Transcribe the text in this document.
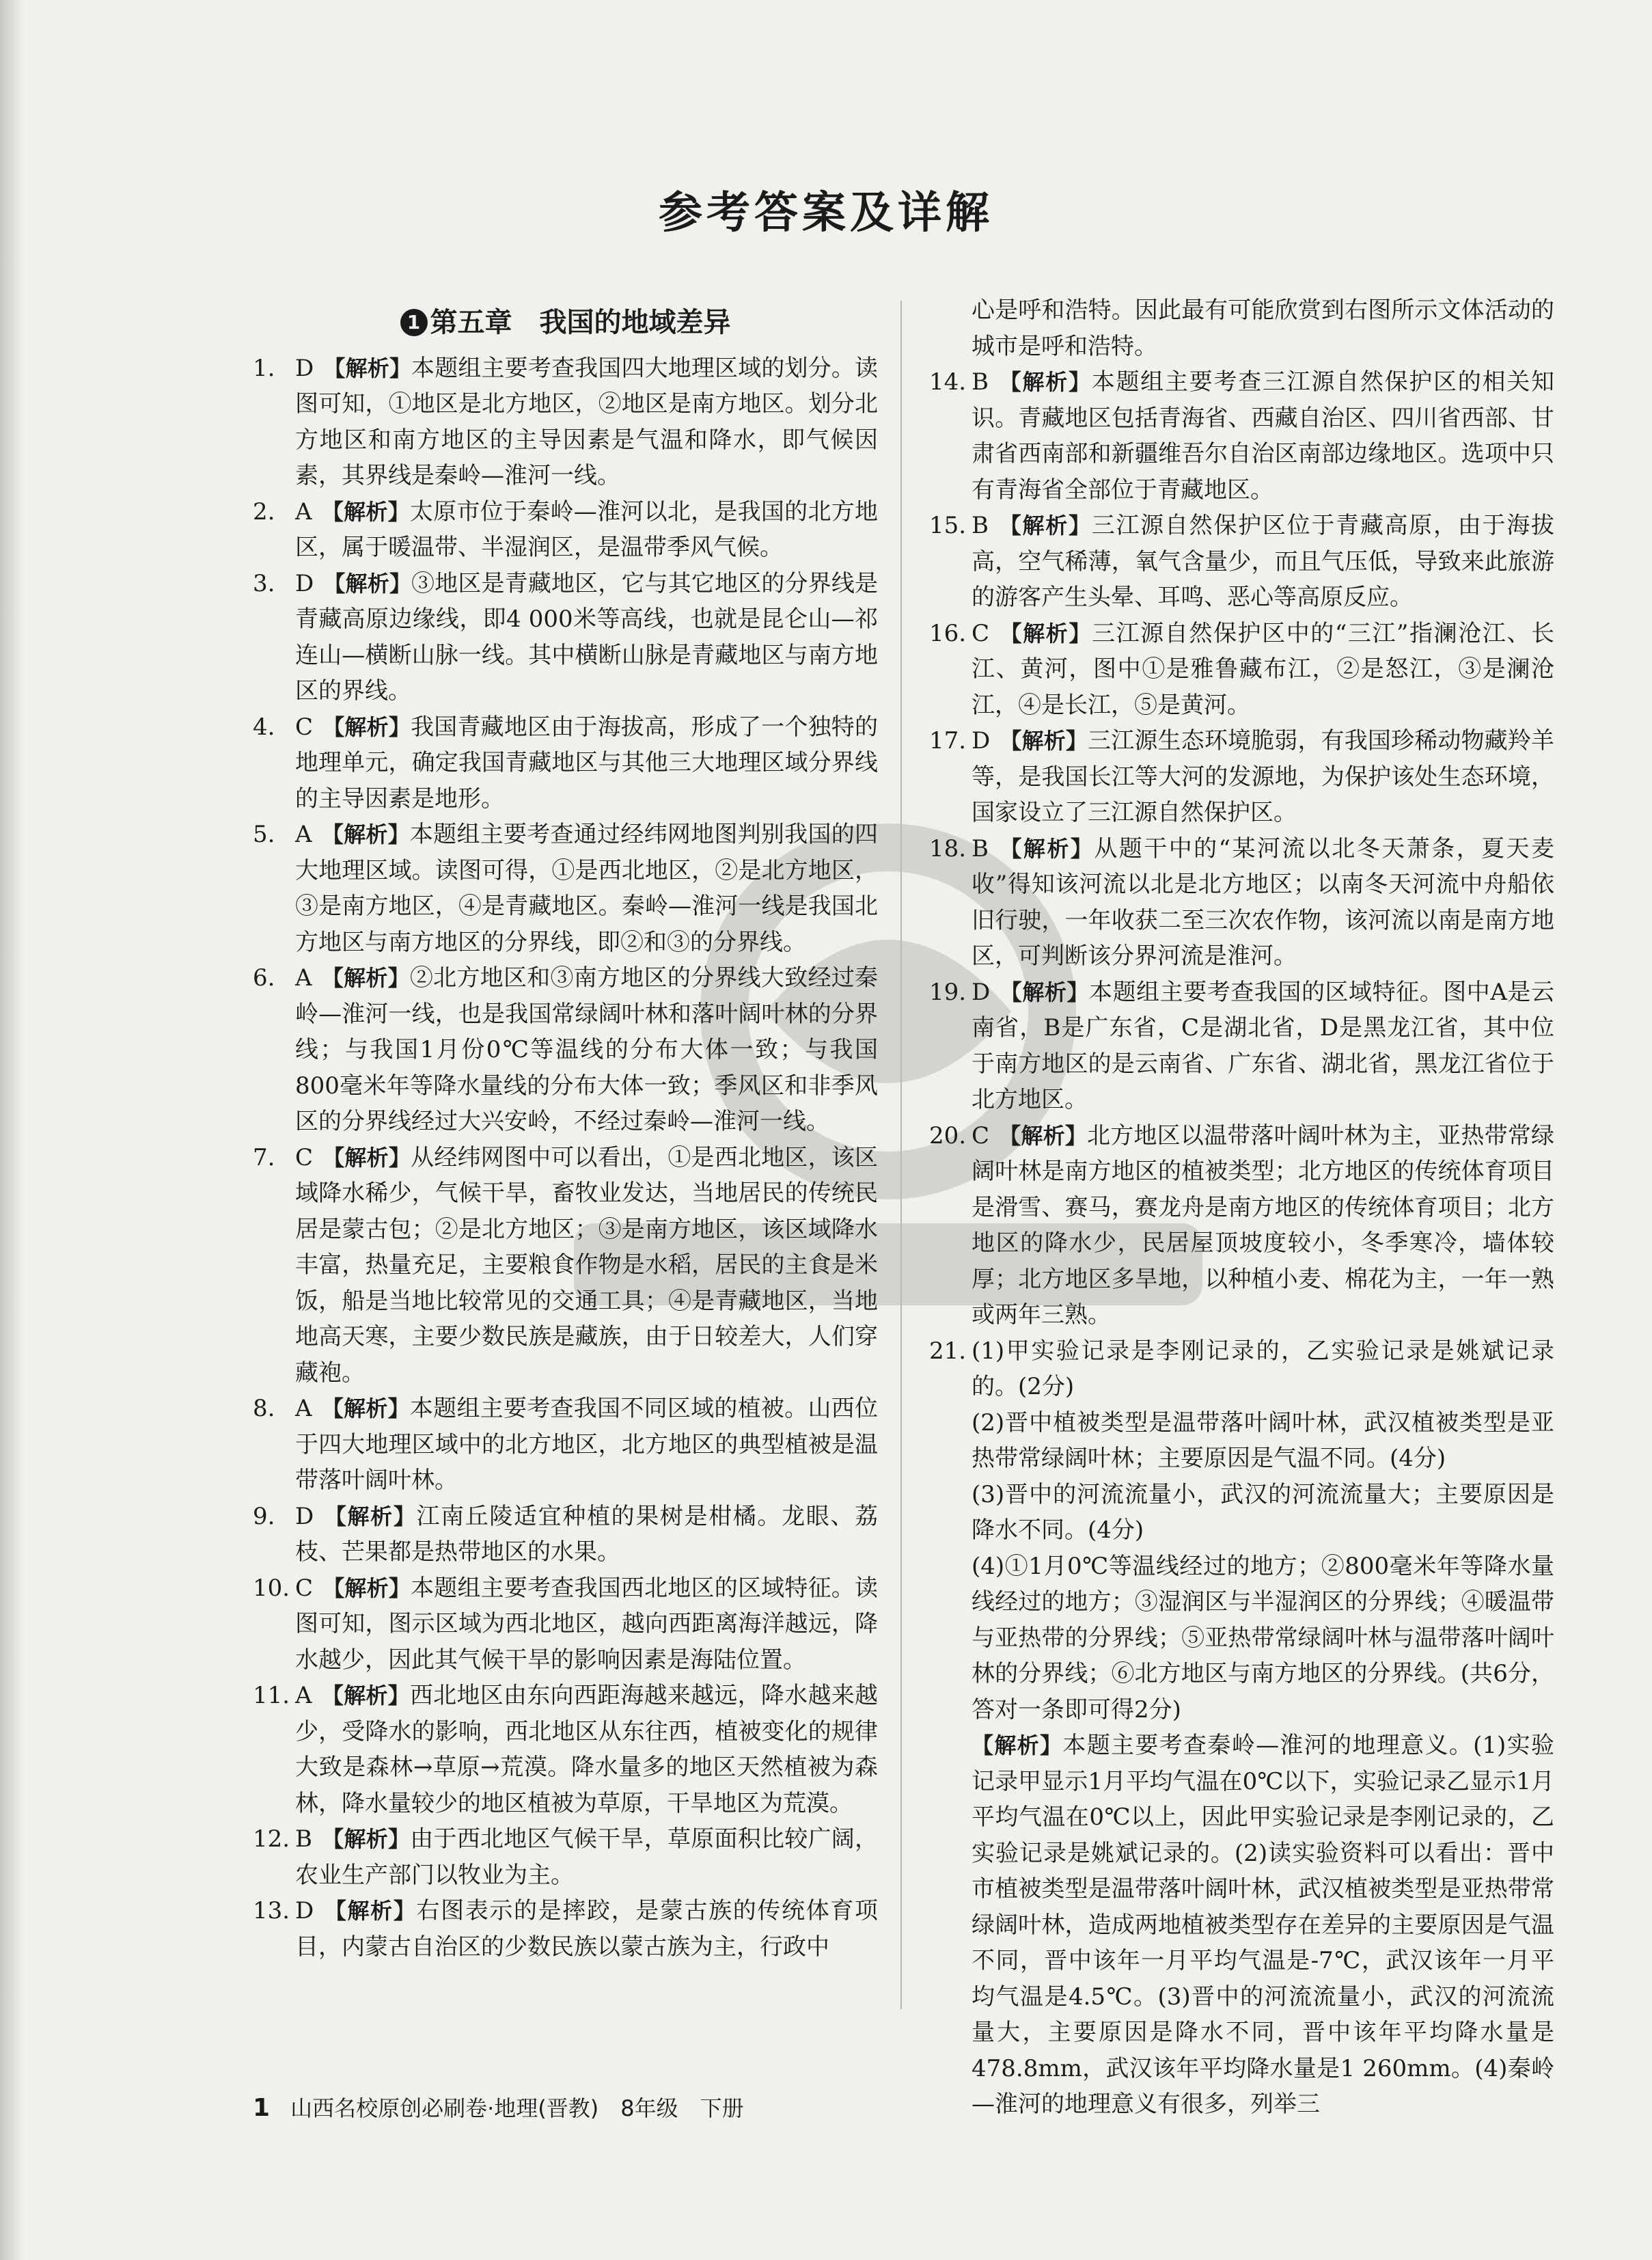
参考答案及详解
1 第五章　我国的地域差异

1. D 【解析】本题组主要考查我国四大地理区域的划分。读图可知，①地区是北方地区，②地区是南方地区。划分北方地区和南方地区的主导因素是气温和降水，即气候因素，其界线是秦岭—淮河一线。

2. A 【解析】太原市位于秦岭—淮河以北，是我国的北方地区，属于暖温带、半湿润区，是温带季风气候。

3. D 【解析】③地区是青藏地区，它与其它地区的分界线是青藏高原边缘线，即4 000米等高线，也就是昆仑山—祁连山—横断山脉一线。其中横断山脉是青藏地区与南方地区的界线。

4. C 【解析】我国青藏地区由于海拔高，形成了一个独特的地理单元，确定我国青藏地区与其他三大地理区域分界线的主导因素是地形。

5. A 【解析】本题组主要考查通过经纬网地图判别我国的四大地理区域。读图可得，①是西北地区，②是北方地区，③是南方地区，④是青藏地区。秦岭—淮河一线是我国北方地区与南方地区的分界线，即②和③的分界线。

6. A 【解析】②北方地区和③南方地区的分界线大致经过秦岭—淮河一线，也是我国常绿阔叶林和落叶阔叶林的分界线；与我国1月份0℃等温线的分布大体一致；与我国800毫米年等降水量线的分布大体一致；季风区和非季风区的分界线经过大兴安岭，不经过秦岭—淮河一线。

7. C 【解析】从经纬网图中可以看出，①是西北地区，该区域降水稀少，气候干旱，畜牧业发达，当地居民的传统民居是蒙古包；②是北方地区；③是南方地区，该区域降水丰富，热量充足，主要粮食作物是水稻，居民的主食是米饭，船是当地比较常见的交通工具；④是青藏地区，当地地高天寒，主要少数民族是藏族，由于日较差大，人们穿藏袍。

8. A 【解析】本题组主要考查我国不同区域的植被。山西位于四大地理区域中的北方地区，北方地区的典型植被是温带落叶阔叶林。

9. D 【解析】江南丘陵适宜种植的果树是柑橘。龙眼、荔枝、芒果都是热带地区的水果。

10. C 【解析】本题组主要考查我国西北地区的区域特征。读图可知，图示区域为西北地区，越向西距离海洋越远，降水越少，因此其气候干旱的影响因素是海陆位置。

11. A 【解析】西北地区由东向西距海越来越远，降水越来越少，受降水的影响，西北地区从东往西，植被变化的规律大致是森林→草原→荒漠。降水量多的地区天然植被为森林，降水量较少的地区植被为草原，干旱地区为荒漠。

12. B 【解析】由于西北地区气候干旱，草原面积比较广阔，农业生产部门以牧业为主。

13. D 【解析】右图表示的是摔跤，是蒙古族的传统体育项目，内蒙古自治区的少数民族以蒙古族为主，行政中

心是呼和浩特。因此最有可能欣赏到右图所示文体活动的城市是呼和浩特。

14. B 【解析】本题组主要考查三江源自然保护区的相关知识。青藏地区包括青海省、西藏自治区、四川省西部、甘肃省西南部和新疆维吾尔自治区南部边缘地区。选项中只有青海省全部位于青藏地区。

15. B 【解析】三江源自然保护区位于青藏高原，由于海拔高，空气稀薄，氧气含量少，而且气压低，导致来此旅游的游客产生头晕、耳鸣、恶心等高原反应。

16. C 【解析】三江源自然保护区中的“三江”指澜沧江、长江、黄河，图中①是雅鲁藏布江，②是怒江，③是澜沧江，④是长江，⑤是黄河。

17. D 【解析】三江源生态环境脆弱，有我国珍稀动物藏羚羊等，是我国长江等大河的发源地，为保护该处生态环境，国家设立了三江源自然保护区。

18. B 【解析】从题干中的“某河流以北冬天萧条，夏天麦收”得知该河流以北是北方地区；以南冬天河流中舟船依旧行驶，一年收获二至三次农作物，该河流以南是南方地区，可判断该分界河流是淮河。

19. D 【解析】本题组主要考查我国的区域特征。图中A是云南省，B是广东省，C是湖北省，D是黑龙江省，其中位于南方地区的是云南省、广东省、湖北省，黑龙江省位于北方地区。

20. C 【解析】北方地区以温带落叶阔叶林为主，亚热带常绿阔叶林是南方地区的植被类型；北方地区的传统体育项目是滑雪、赛马，赛龙舟是南方地区的传统体育项目；北方地区的降水少，民居屋顶坡度较小，冬季寒冷，墙体较厚；北方地区多旱地，以种植小麦、棉花为主，一年一熟或两年三熟。

21. (1)甲实验记录是李刚记录的，乙实验记录是姚斌记录的。(2分)

(2)晋中植被类型是温带落叶阔叶林，武汉植被类型是亚热带常绿阔叶林；主要原因是气温不同。(4分)

(3)晋中的河流流量小，武汉的河流流量大；主要原因是降水不同。(4分)

(4)①1月0℃等温线经过的地方；②800毫米年等降水量线经过的地方；③湿润区与半湿润区的分界线；④暖温带与亚热带的分界线；⑤亚热带常绿阔叶林与温带落叶阔叶林的分界线；⑥北方地区与南方地区的分界线。(共6分，答对一条即可得2分)

【解析】本题主要考查秦岭—淮河的地理意义。(1)实验记录甲显示1月平均气温在0℃以下，实验记录乙显示1月平均气温在0℃以上，因此甲实验记录是李刚记录的，乙实验记录是姚斌记录的。(2)读实验资料可以看出：晋中市植被类型是温带落叶阔叶林，武汉植被类型是亚热带常绿阔叶林，造成两地植被类型存在差异的主要原因是气温不同，晋中该年一月平均气温是-7℃，武汉该年一月平均气温是4.5℃。(3)晋中的河流流量小，武汉的河流流量大，主要原因是降水不同，晋中该年平均降水量是478.8mm，武汉该年平均降水量是1 260mm。(4)秦岭—淮河的地理意义有很多，列举三

1 山西名校原创必刷卷·地理(晋教)　8年级　下册
